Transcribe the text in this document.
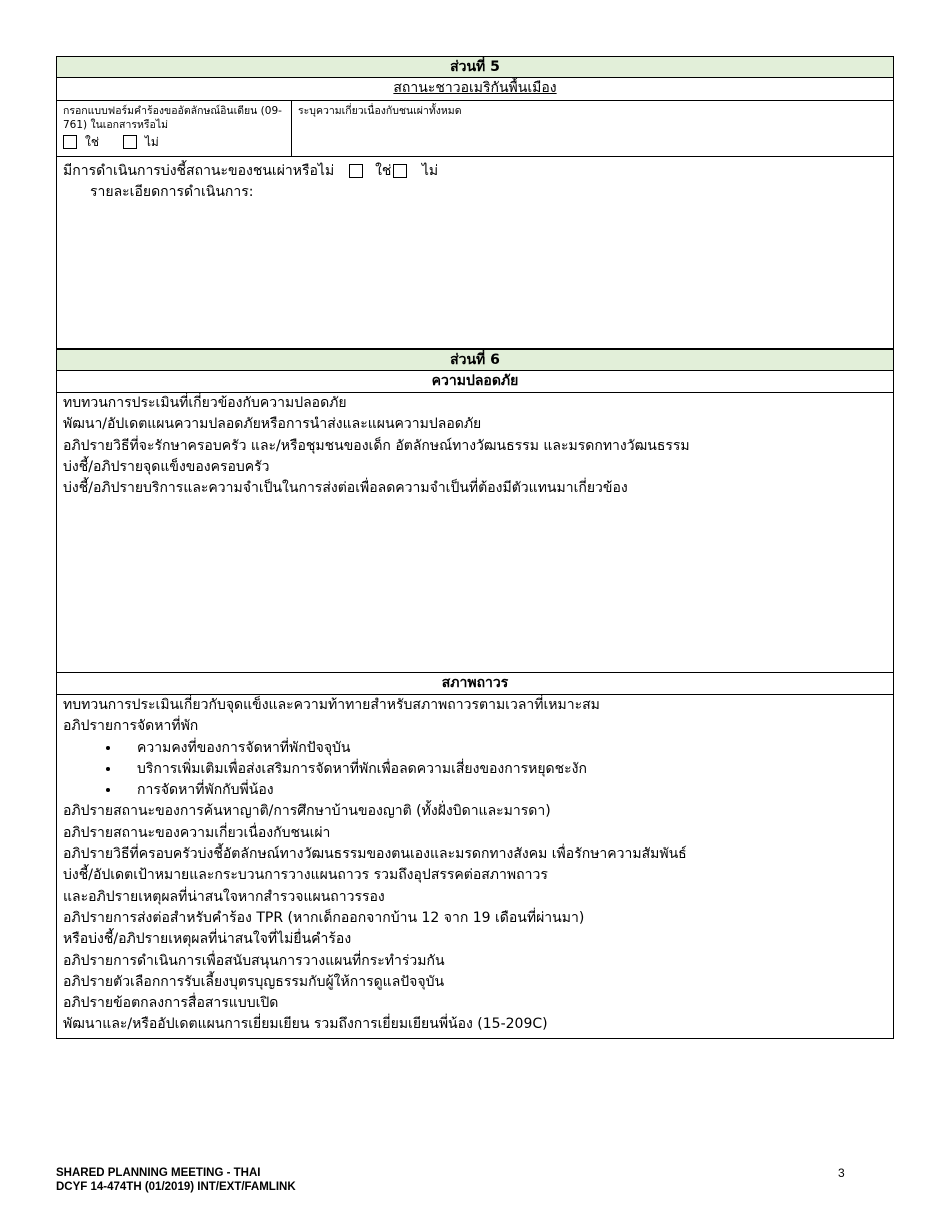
ส่วนที่ 5
สถานะชาวอเมริกันพื้นเมือง
กรอกแบบฟอร์มคำร้องขออัตลักษณ์อินเดียน (09-761) ในเอกสารหรือไม่
ใช่	ไม่
ระบุความเกี่ยวเนื่องกับชนเผ่าทั้งหมด
มีการดำเนินการบ่งชี้สถานะของชนเผ่าหรือไม่	ใช่ ไม่
รายละเอียดการดำเนินการ:
ส่วนที่ 6
ความปลอดภัย
ทบทวนการประเมินที่เกี่ยวข้องกับความปลอดภัย
พัฒนา/อัปเดตแผนความปลอดภัยหรือการนำส่งและแผนความปลอดภัย
อภิปรายวิธีที่จะรักษาครอบครัว และ/หรือชุมชนของเด็ก อัตลักษณ์ทางวัฒนธรรม และมรดกทางวัฒนธรรม
บ่งชี้/อภิปรายจุดแข็งของครอบครัว
บ่งชี้/อภิปรายบริการและความจำเป็นในการส่งต่อเพื่อลดความจำเป็นที่ต้องมีตัวแทนมาเกี่ยวข้อง
สภาพถาวร
ทบทวนการประเมินเกี่ยวกับจุดแข็งและความท้าทายสำหรับสภาพถาวรตามเวลาที่เหมาะสม
อภิปรายการจัดหาที่พัก
• ความคงที่ของการจัดหาที่พักปัจจุบัน
• บริการเพิ่มเติมเพื่อส่งเสริมการจัดหาที่พักเพื่อลดความเสี่ยงของการหยุดชะงัก
• การจัดหาที่พักกับพี่น้อง
อภิปรายสถานะของการค้นหาญาติ/การศึกษาบ้านของญาติ (ทั้งฝั่งบิดาและมารดา)
อภิปรายสถานะของความเกี่ยวเนื่องกับชนเผ่า
อภิปรายวิธีที่ครอบครัวบ่งชี้อัตลักษณ์ทางวัฒนธรรมของตนเองและมรดกทางสังคม เพื่อรักษาความสัมพันธ์
บ่งชี้/อัปเดตเป้าหมายและกระบวนการวางแผนถาวร รวมถึงอุปสรรคต่อสภาพถาวร
และอภิปรายเหตุผลที่น่าสนใจหากสำรวจแผนถาวรรอง
อภิปรายการส่งต่อสำหรับคำร้อง TPR (หากเด็กออกจากบ้าน 12 จาก 19 เดือนที่ผ่านมา)
หรือบ่งชี้/อภิปรายเหตุผลที่น่าสนใจที่ไม่ยื่นคำร้อง
อภิปรายการดำเนินการเพื่อสนับสนุนการวางแผนที่กระทำร่วมกัน
อภิปรายตัวเลือกการรับเลี้ยงบุตรบุญธรรมกับผู้ให้การดูแลปัจจุบัน
อภิปรายข้อตกลงการสื่อสารแบบเปิด
พัฒนาและ/หรืออัปเดตแผนการเยี่ยมเยียน รวมถึงการเยี่ยมเยียนพี่น้อง (15-209C)
SHARED PLANNING MEETING - THAI
DCYF 14-474TH (01/2019) INT/EXT/FAMLINK
3
